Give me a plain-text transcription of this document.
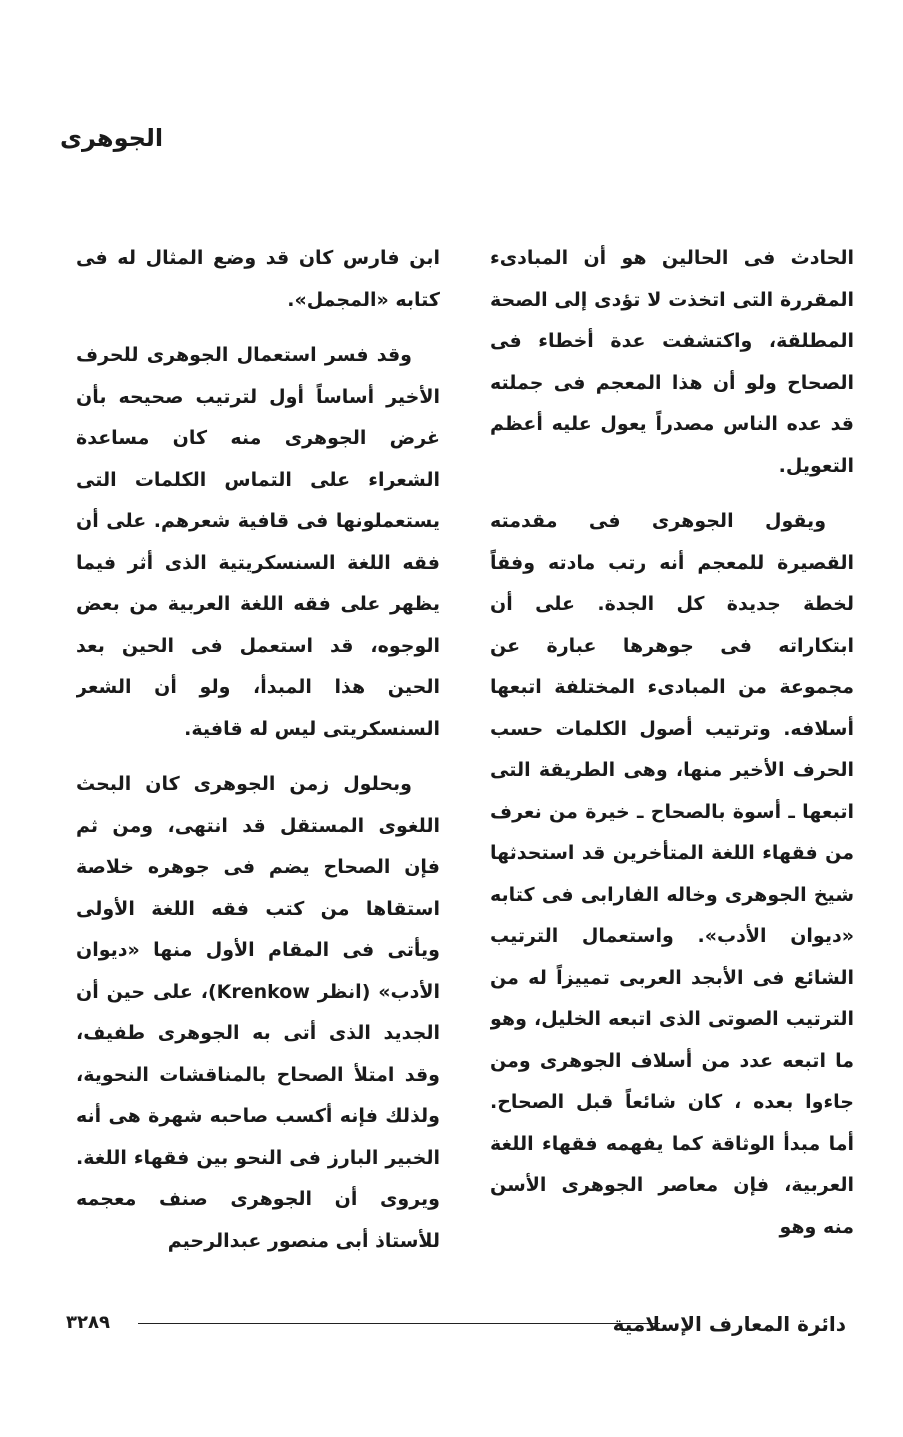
الجوهرى

الحادث فى الحالين هو أن المبادىء المقررة التى اتخذت لا تؤدى إلى الصحة المطلقة، واكتشفت عدة أخطاء فى الصحاح ولو أن هذا المعجم فى جملته قد عده الناس مصدراً يعول عليه أعظم التعويل.

ويقول الجوهرى فى مقدمته القصيرة للمعجم أنه رتب مادته وفقاً لخطة جديدة كل الجدة. على أن ابتكاراته فى جوهرها عبارة عن مجموعة من المبادىء المختلفة اتبعها أسلافه. وترتيب أصول الكلمات حسب الحرف الأخير منها، وهى الطريقة التى اتبعها ـ أسوة بالصحاح ـ خيرة من نعرف من فقهاء اللغة المتأخرين قد استحدثها شيخ الجوهرى وخاله الفارابى فى كتابه «ديوان الأدب». واستعمال الترتيب الشائع فى الأبجد العربى تمييزاً له من الترتيب الصوتى الذى اتبعه الخليل، وهو ما اتبعه عدد من أسلاف الجوهرى ومن جاءوا بعده ، كان شائعاً قبل الصحاح. أما مبدأ الوثاقة كما يفهمه فقهاء اللغة العربية، فإن معاصر الجوهرى الأسن منه وهو

ابن فارس كان قد وضع المثال له فى كتابه «المجمل».

وقد فسر استعمال الجوهرى للحرف الأخير أساساً أول لترتيب صحيحه بأن غرض الجوهرى منه كان مساعدة الشعراء على التماس الكلمات التى يستعملونها فى قافية شعرهم. على أن فقه اللغة السنسكريتية الذى أثر فيما يظهر على فقه اللغة العربية من بعض الوجوه، قد استعمل فى الحين بعد الحين هذا المبدأ، ولو أن الشعر السنسكريتى ليس له قافية.

وبحلول زمن الجوهرى كان البحث اللغوى المستقل قد انتهى، ومن ثم فإن الصحاح يضم فى جوهره خلاصة استقاها من كتب فقه اللغة الأولى ويأتى فى المقام الأول منها «ديوان الأدب» (انظر Krenkow)، على حين أن الجديد الذى أتى به الجوهرى طفيف، وقد امتلأ الصحاح بالمناقشات النحوية، ولذلك فإنه أكسب صاحبه شهرة هى أنه الخبير البارز فى النحو بين فقهاء اللغة. ويروى أن الجوهرى صنف معجمه للأستاذ أبى منصور عبدالرحيم

دائرة المعارف الإسلامية
٣٢٨٩
